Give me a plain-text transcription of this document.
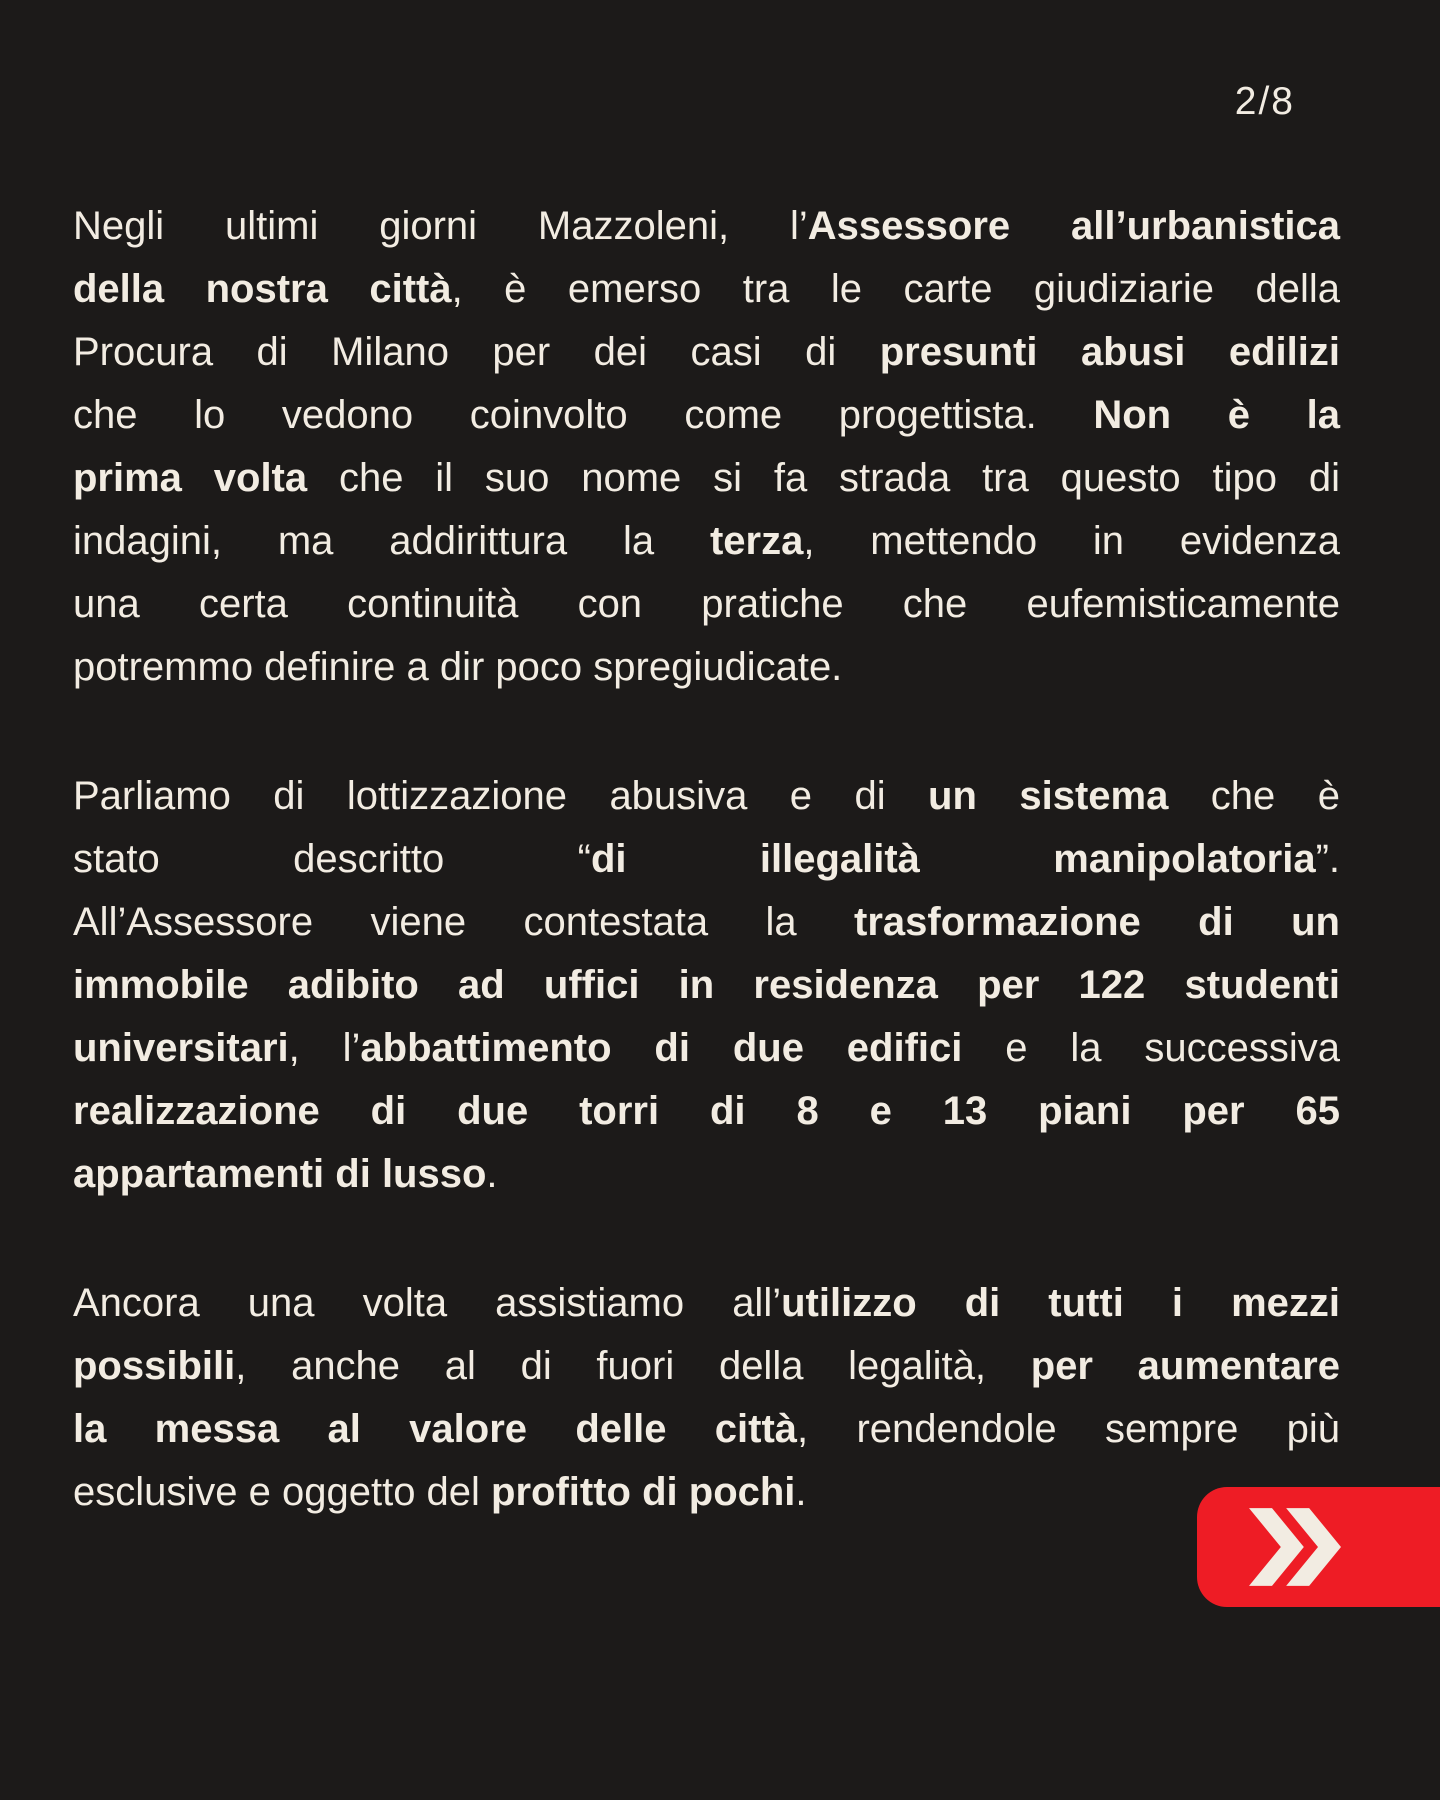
2/8
Negli ultimi giorni Mazzoleni, l’Assessore all’urbanistica
della nostra città, è emerso tra le carte giudiziarie della
Procura di Milano per dei casi di presunti abusi edilizi
che lo vedono coinvolto come progettista. Non è la
prima volta che il suo nome si fa strada tra questo tipo di
indagini, ma addirittura la terza, mettendo in evidenza
una certa continuità con pratiche che eufemisticamente
potremmo definire a dir poco spregiudicate.
Parliamo di lottizzazione abusiva e di un sistema che è
stato descritto “di illegalità manipolatoria”.
All’Assessore viene contestata la trasformazione di un
immobile adibito ad uffici in residenza per 122 studenti
universitari, l’abbattimento di due edifici e la successiva
realizzazione di due torri di 8 e 13 piani per 65
appartamenti di lusso.
Ancora una volta assistiamo all’utilizzo di tutti i mezzi
possibili, anche al di fuori della legalità, per aumentare
la messa al valore delle città, rendendole sempre più
esclusive e oggetto del profitto di pochi.
